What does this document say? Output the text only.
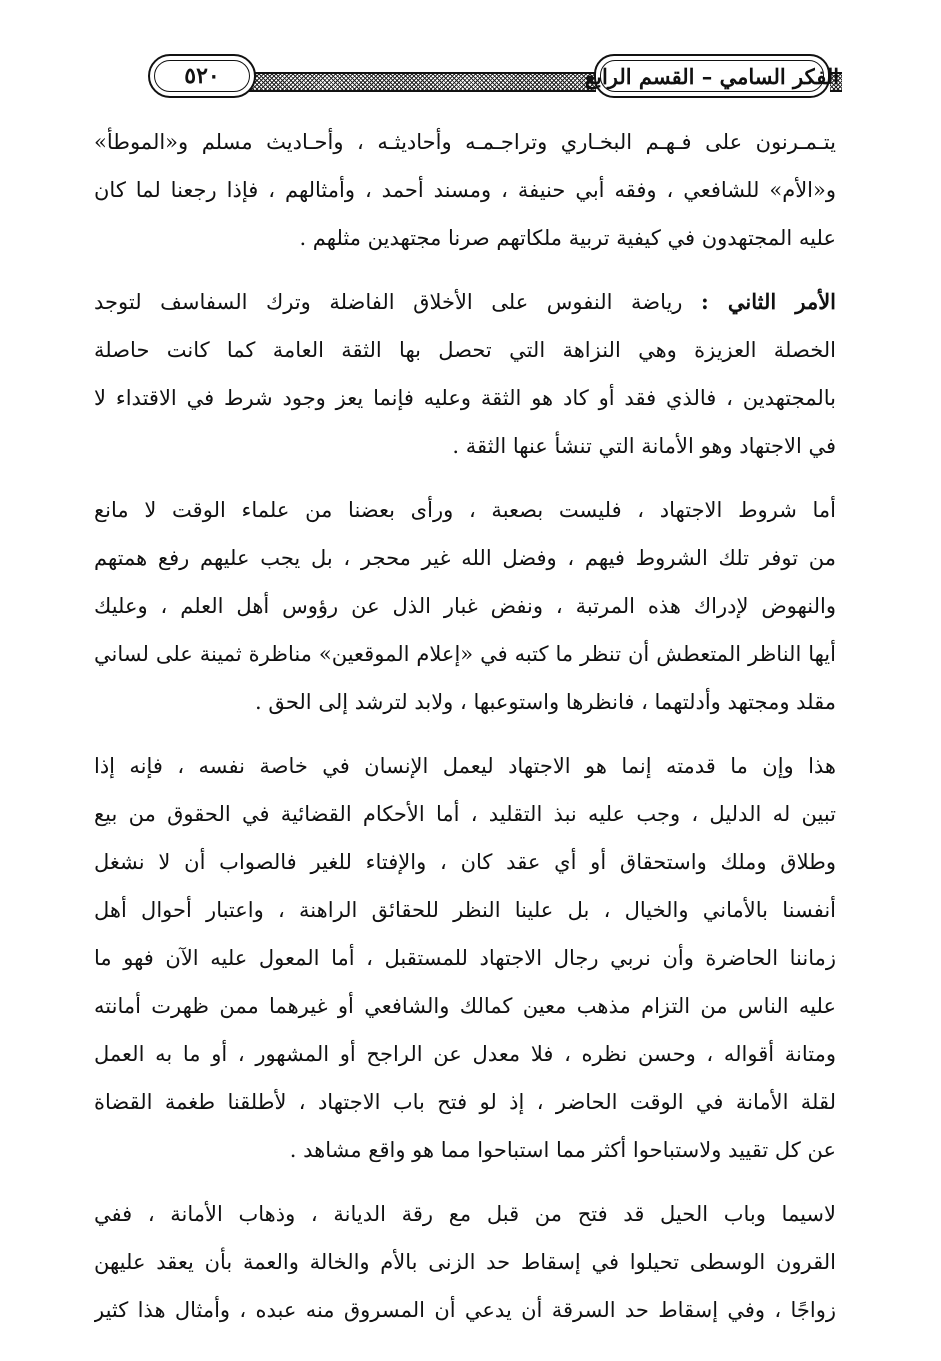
٥٢٠	الفكر السامي – القسم الرابع
يتـمـرنون على فـهـم البخـاري وتراجـمـه وأحاديثـه ، وأحـاديث مسلم و«الموطأ»
و«الأم» للشافعي ، وفقه أبي حنيفة ، ومسند أحمد ، وأمثالهم ، فإذا رجعنا لما كان
عليه المجتهدون في كيفية تربية ملكاتهم صرنا مجتهدين مثلهم .
الأمر الثاني : رياضة النفوس على الأخلاق الفاضلة وترك السفاسف لتوجد
الخصلة العزيزة وهي النزاهة التي تحصل بها الثقة العامة كما كانت حاصلة
بالمجتهدين ، فالذي فقد أو كاد هو الثقة وعليه فإنما يعز وجود شرط في الاقتداء لا
في الاجتهاد وهو الأمانة التي تنشأ عنها الثقة .
أما شروط الاجتهاد ، فليست بصعبة ، ورأى بعضنا من علماء الوقت لا مانع
من توفر تلك الشروط فيهم ، وفضل الله غير محجر ، بل يجب عليهم رفع همتهم
والنهوض لإدراك هذه المرتبة ، ونفض غبار الذل عن رؤوس أهل العلم ، وعليك
أيها الناظر المتعطش أن تنظر ما كتبه في «إعلام الموقعين» مناظرة ثمينة على لساني
مقلد ومجتهد وأدلتهما ، فانظرها واستوعبها ، ولابد لترشد إلى الحق .
هذا وإن ما قدمته إنما هو الاجتهاد ليعمل الإنسان في خاصة نفسه ، فإنه إذا
تبين له الدليل ، وجب عليه نبذ التقليد ، أما الأحكام القضائية في الحقوق من بيع
وطلاق وملك واستحقاق أو أي عقد كان ، والإفتاء للغير فالصواب أن لا نشغل
أنفسنا بالأماني والخيال ، بل علينا النظر للحقائق الراهنة ، واعتبار أحوال أهل
زماننا الحاضرة وأن نربي رجال الاجتهاد للمستقبل ، أما المعول عليه الآن فهو ما
عليه الناس من التزام مذهب معين كمالك والشافعي أو غيرهما ممن ظهرت أمانته
ومتانة أقواله ، وحسن نظره ، فلا معدل عن الراجح أو المشهور ، أو ما به العمل
لقلة الأمانة في الوقت الحاضر ، إذ لو فتح باب الاجتهاد ، لأطلقنا طغمة القضاة
عن كل تقييد ولاستباحوا أكثر مما استباحوا مما هو واقع مشاهد .
لاسيما وباب الحيل قد فتح من قبل مع رقة الديانة ، وذهاب الأمانة ، ففي
القرون الوسطى تحيلوا في إسقاط حد الزنى بالأم والخالة والعمة بأن يعقد عليهن
زواجًا ، وفي إسقاط حد السرقة أن يدعي أن المسروق منه عبده ، وأمثال هذا كثير
